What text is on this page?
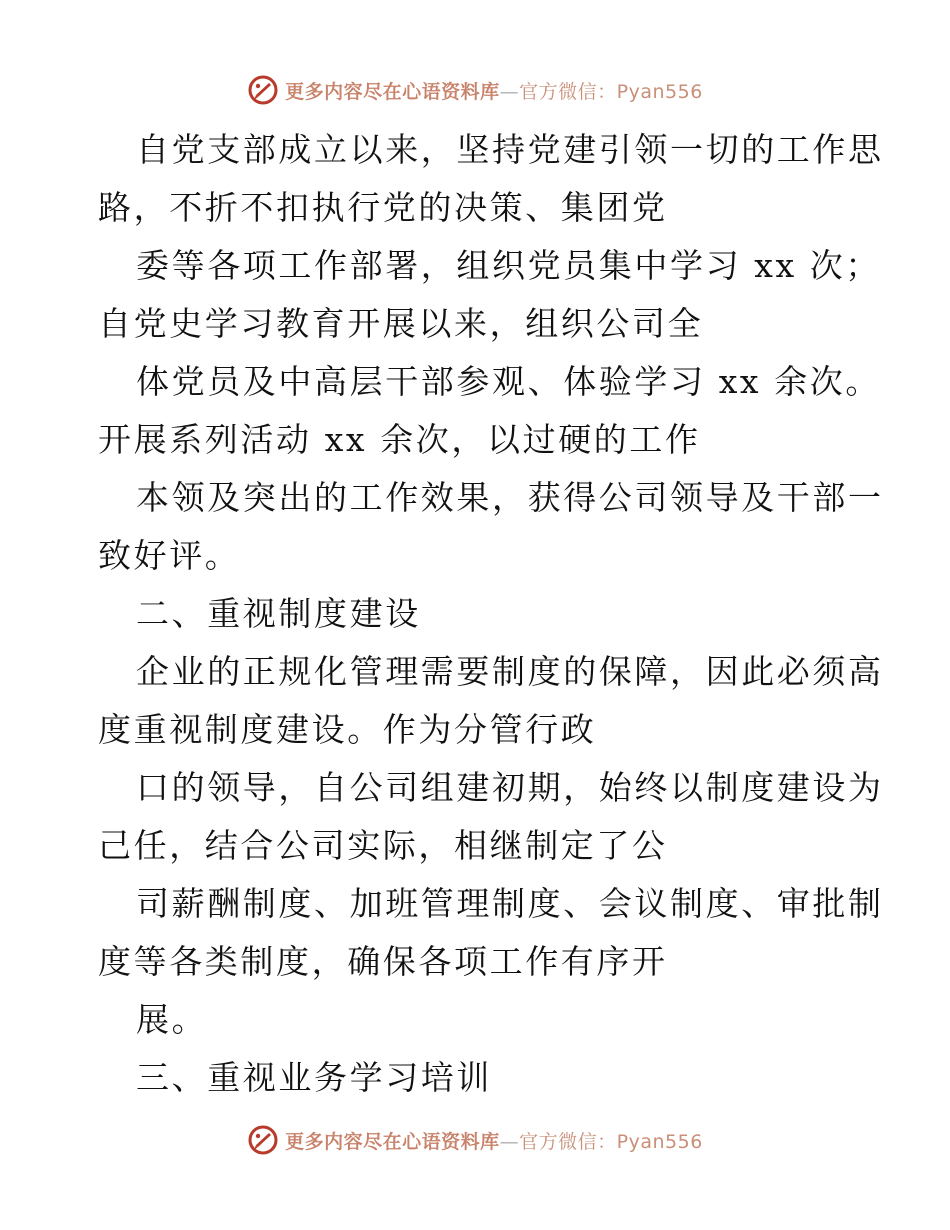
更多内容尽在心语资料库—官方微信：Pyan556
自党支部成立以来，坚持党建引领一切的工作思
路，不折不扣执行党的决策、集团党
委等各项工作部署，组织党员集中学习 xx 次；
自党史学习教育开展以来，组织公司全
体党员及中高层干部参观、体验学习 xx 余次。
开展系列活动 xx 余次，以过硬的工作
本领及突出的工作效果，获得公司领导及干部一
致好评。
二、重视制度建设
企业的正规化管理需要制度的保障，因此必须高
度重视制度建设。作为分管行政
口的领导，自公司组建初期，始终以制度建设为
己任，结合公司实际，相继制定了公
司薪酬制度、加班管理制度、会议制度、审批制
度等各类制度，确保各项工作有序开
展。
三、重视业务学习培训
更多内容尽在心语资料库—官方微信：Pyan556
